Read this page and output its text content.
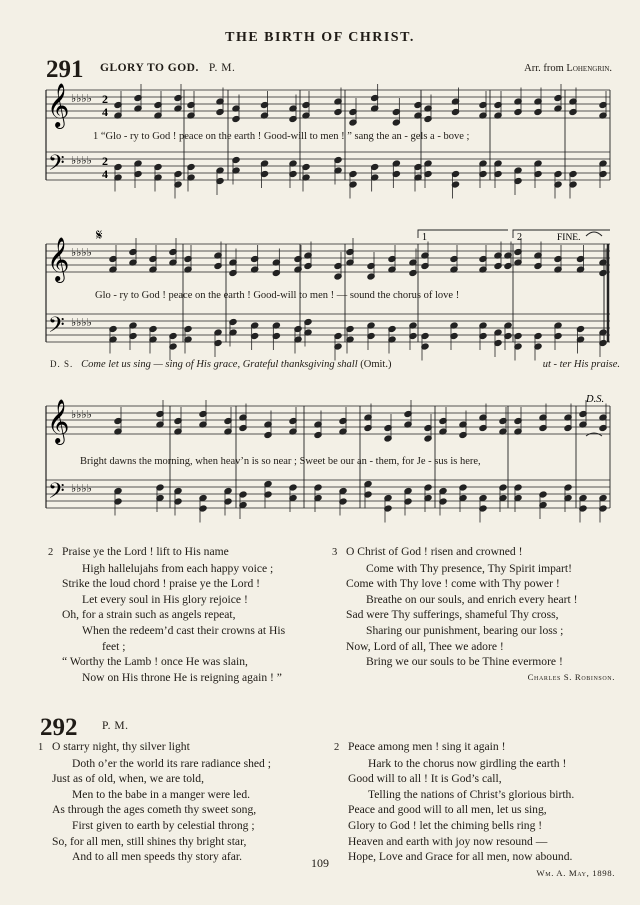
THE BIRTH OF CHRIST.
291 GLORY TO GOD. P. M.	Arr. from Lohengrin.
𝄞
𝄢
♭♭♭♭
♭♭♭♭
2
4
2
4
1 “Glo - ry to God ! peace on the earth ! Good-will to men ! ” sang the an - gels a - bove ;
𝄞
𝄢
♭♭♭♭
♭♭♭♭
𝄋	1	2	FINE.
Glo - ry to God ! peace on the earth ! Good-will to men ! — sound the chorus of love !
D. S. Come let us sing — sing of His grace, Grateful thanksgiving shall (Omit.)	ut - ter His praise.
𝄞
𝄢
♭♭♭♭
♭♭♭♭
D.S.
Bright dawns the morning, when heav’n is so near ; Sweet be our an - them, for Je - sus is here,
2 Praise ye the Lord ! lift to His name
High hallelujahs from each happy voice ;
Strike the loud chord ! praise ye the Lord !
Let every soul in His glory rejoice !
Oh, for a strain such as angels repeat,
When the redeem’d cast their crowns at His
feet ;
“ Worthy the Lamb ! once He was slain,
Now on His throne He is reigning again ! ”
3 O Christ of God ! risen and crowned !
Come with Thy presence, Thy Spirit impart!
Come with Thy love ! come with Thy power !
Breathe on our souls, and enrich every heart !
Sad were Thy sufferings, shameful Thy cross,
Sharing our punishment, bearing our loss ;
Now, Lord of all, Thee we adore !
Bring we our souls to be Thine evermore !
Charles S. Robinson.
292 P. M.
1 O starry night, thy silver light
Doth o’er the world its rare radiance shed ;
Just as of old, when, we are told,
Men to the babe in a manger were led.
As through the ages cometh thy sweet song,
First given to earth by celestial throng ;
So, for all men, still shines thy bright star,
And to all men speeds thy story afar.
2 Peace among men ! sing it again !
Hark to the chorus now girdling the earth !
Good will to all ! It is God’s call,
Telling the nations of Christ’s glorious birth.
Peace and good will to all men, let us sing,
Glory to God ! let the chiming bells ring !
Heaven and earth with joy now resound —
Hope, Love and Grace for all men, now abound.
Wm. A. May, 1898.
109
